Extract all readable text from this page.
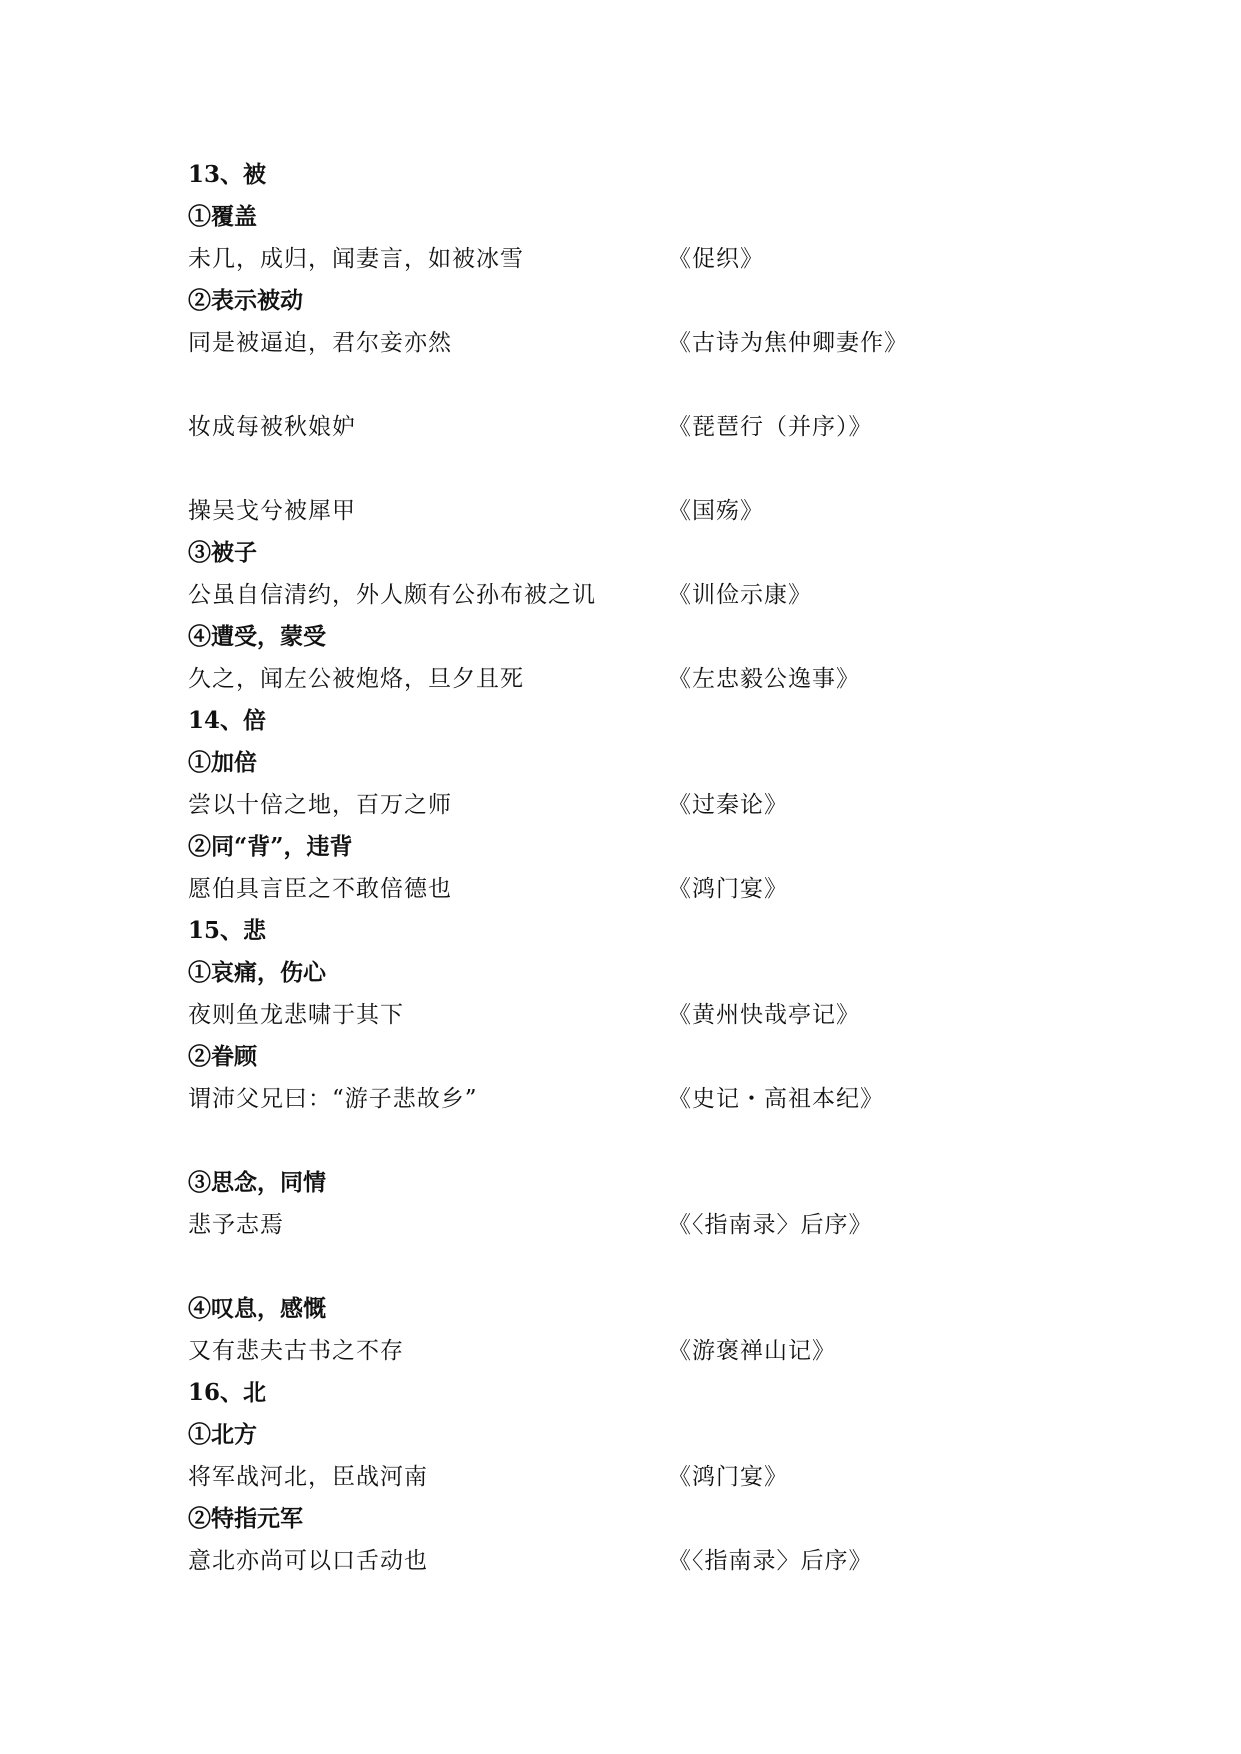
13、被
①覆盖
未几，成归，闻妻言，如被冰雪	《促织》
②表示被动
同是被逼迫，君尔妾亦然	《古诗为焦仲卿妻作》
妆成每被秋娘妒	《琵琶行（并序）》
操吴戈兮被犀甲	《国殇》
③被子
公虽自信清约，外人颇有公孙布被之讥	《训俭示康》
④遭受，蒙受
久之，闻左公被炮烙，旦夕且死	《左忠毅公逸事》
14、倍
①加倍
尝以十倍之地，百万之师	《过秦论》
②同“背”，违背
愿伯具言臣之不敢倍德也	《鸿门宴》
15、悲
①哀痛，伤心
夜则鱼龙悲啸于其下	《黄州快哉亭记》
②眷顾
谓沛父兄曰：“游子悲故乡”	《史记・高祖本纪》
③思念，同情
悲予志焉	《〈指南录〉后序》
④叹息，感慨
又有悲夫古书之不存	《游褒禅山记》
16、北
①北方
将军战河北，臣战河南	《鸿门宴》
②特指元军
意北亦尚可以口舌动也	《〈指南录〉后序》
